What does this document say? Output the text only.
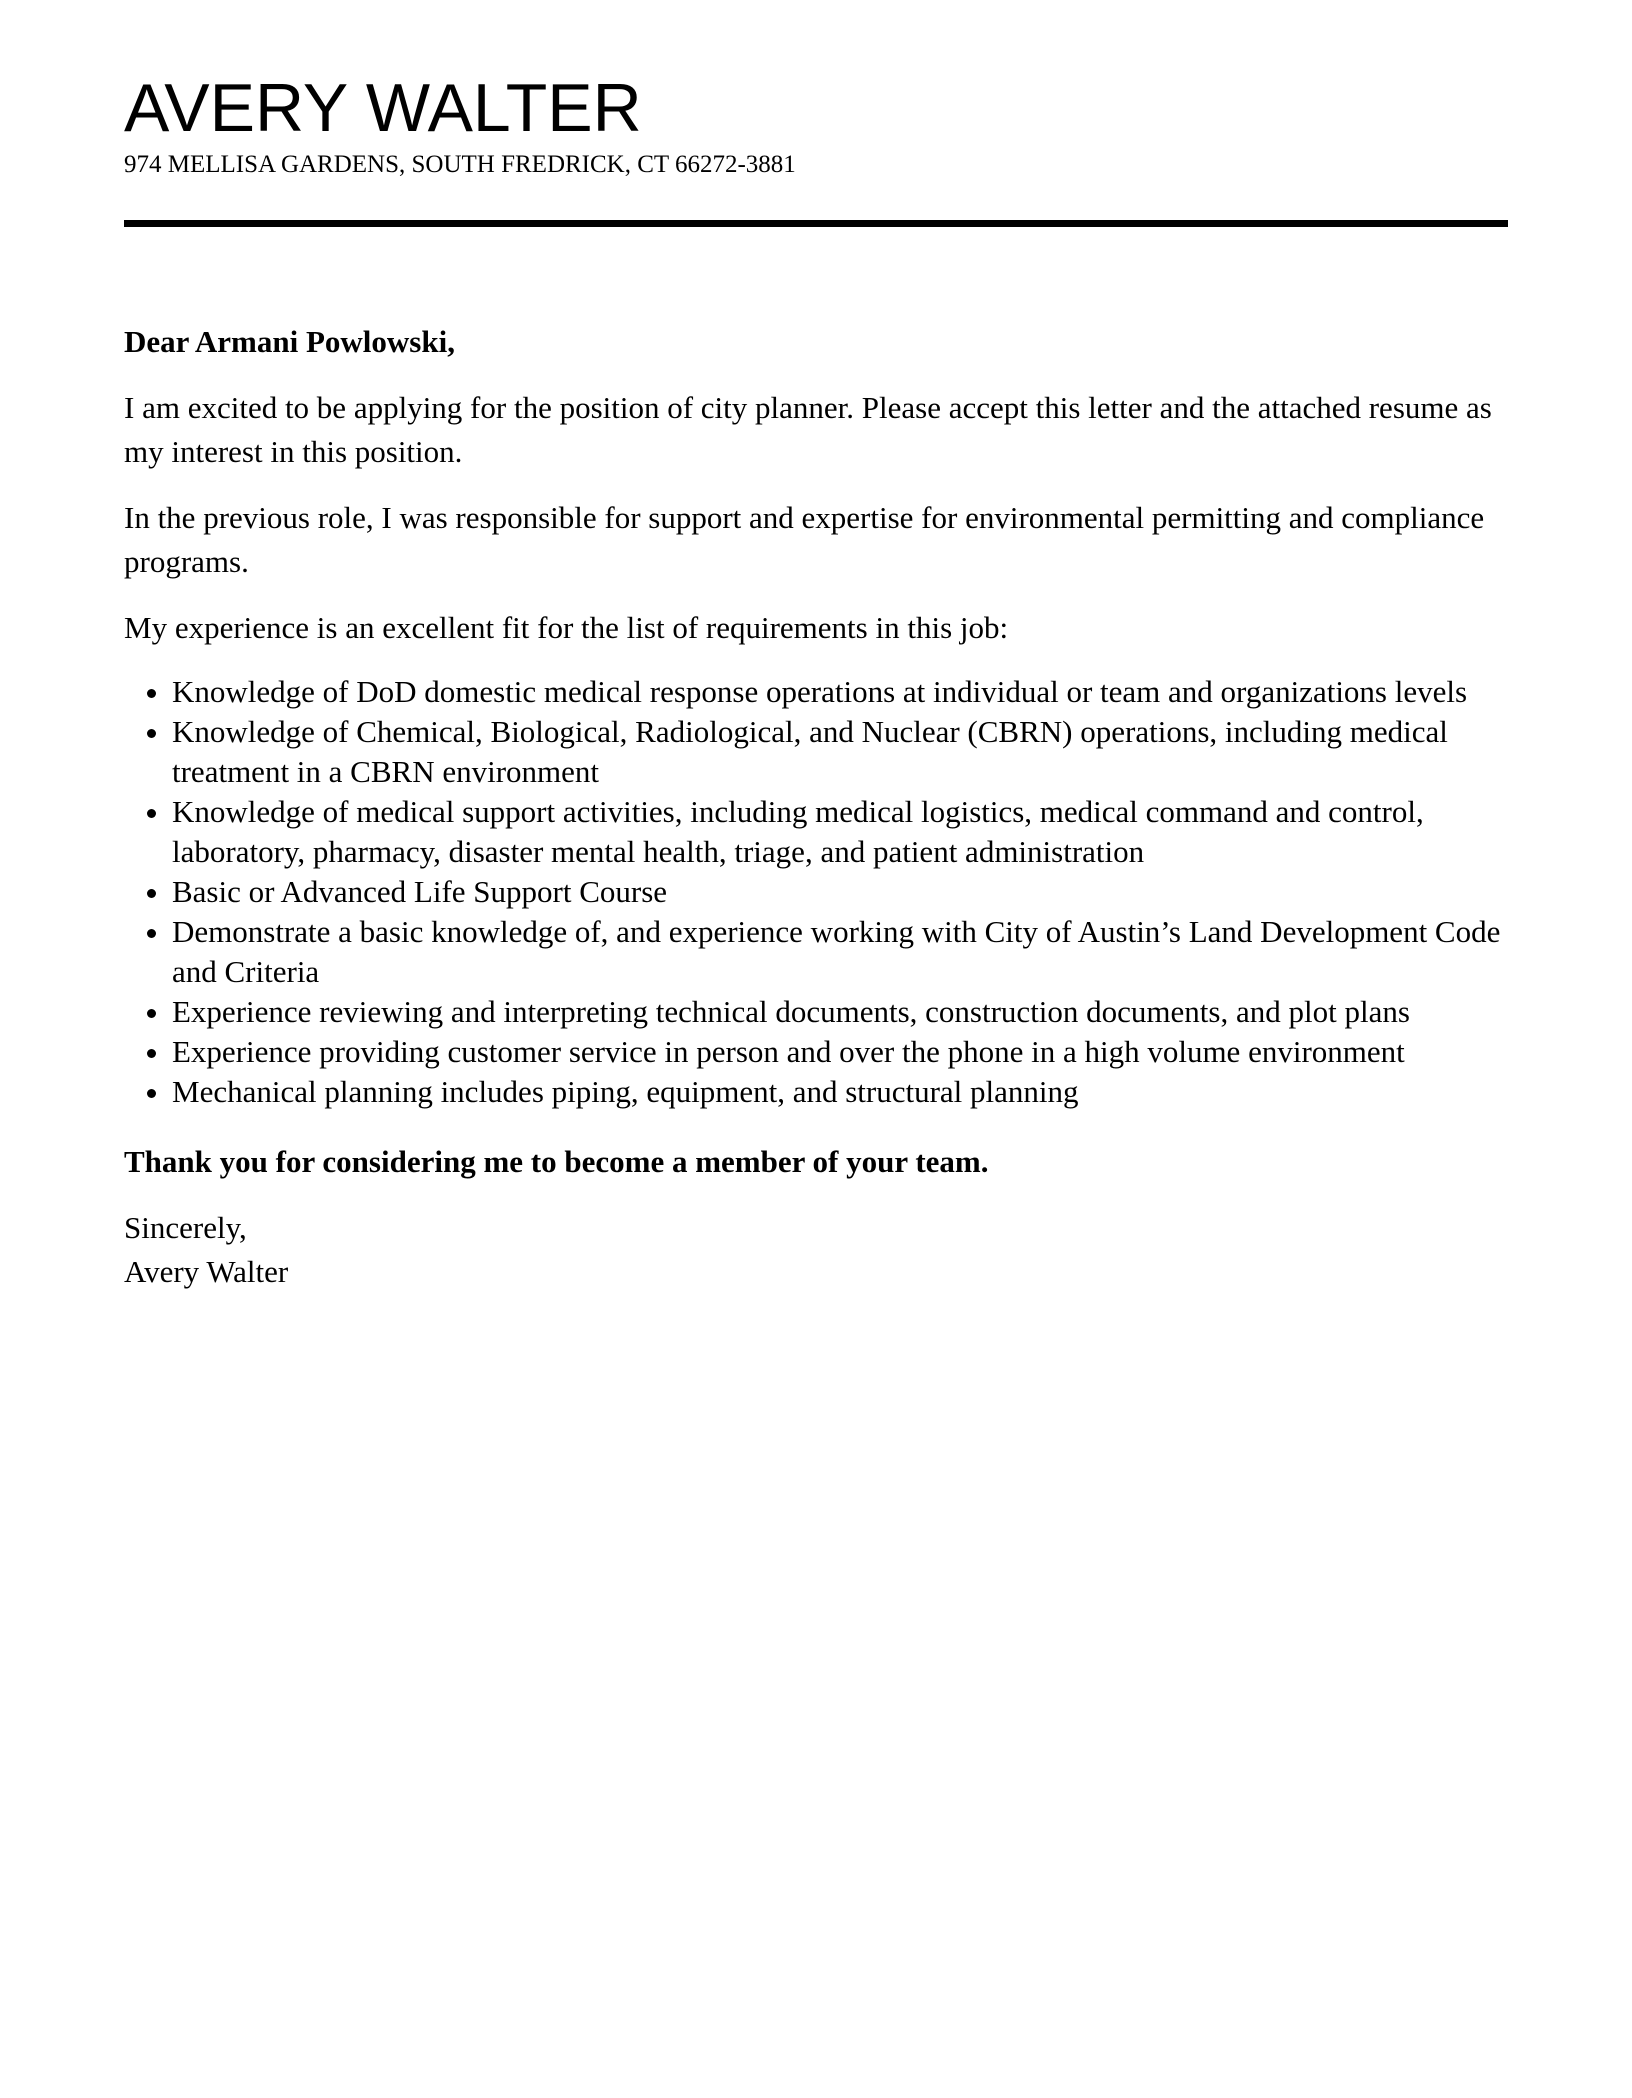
AVERY WALTER
974 MELLISA GARDENS, SOUTH FREDRICK, CT 66272-3881

Dear Armani Powlowski,

I am excited to be applying for the position of city planner. Please accept this letter and the attached resume as my interest in this position.

In the previous role, I was responsible for support and expertise for environmental permitting and compliance programs.

My experience is an excellent fit for the list of requirements in this job:

• Knowledge of DoD domestic medical response operations at individual or team and organizations levels
• Knowledge of Chemical, Biological, Radiological, and Nuclear (CBRN) operations, including medical treatment in a CBRN environment
• Knowledge of medical support activities, including medical logistics, medical command and control, laboratory, pharmacy, disaster mental health, triage, and patient administration
• Basic or Advanced Life Support Course
• Demonstrate a basic knowledge of, and experience working with City of Austin’s Land Development Code and Criteria
• Experience reviewing and interpreting technical documents, construction documents, and plot plans
• Experience providing customer service in person and over the phone in a high volume environment
• Mechanical planning includes piping, equipment, and structural planning

Thank you for considering me to become a member of your team.

Sincerely,

Avery Walter
